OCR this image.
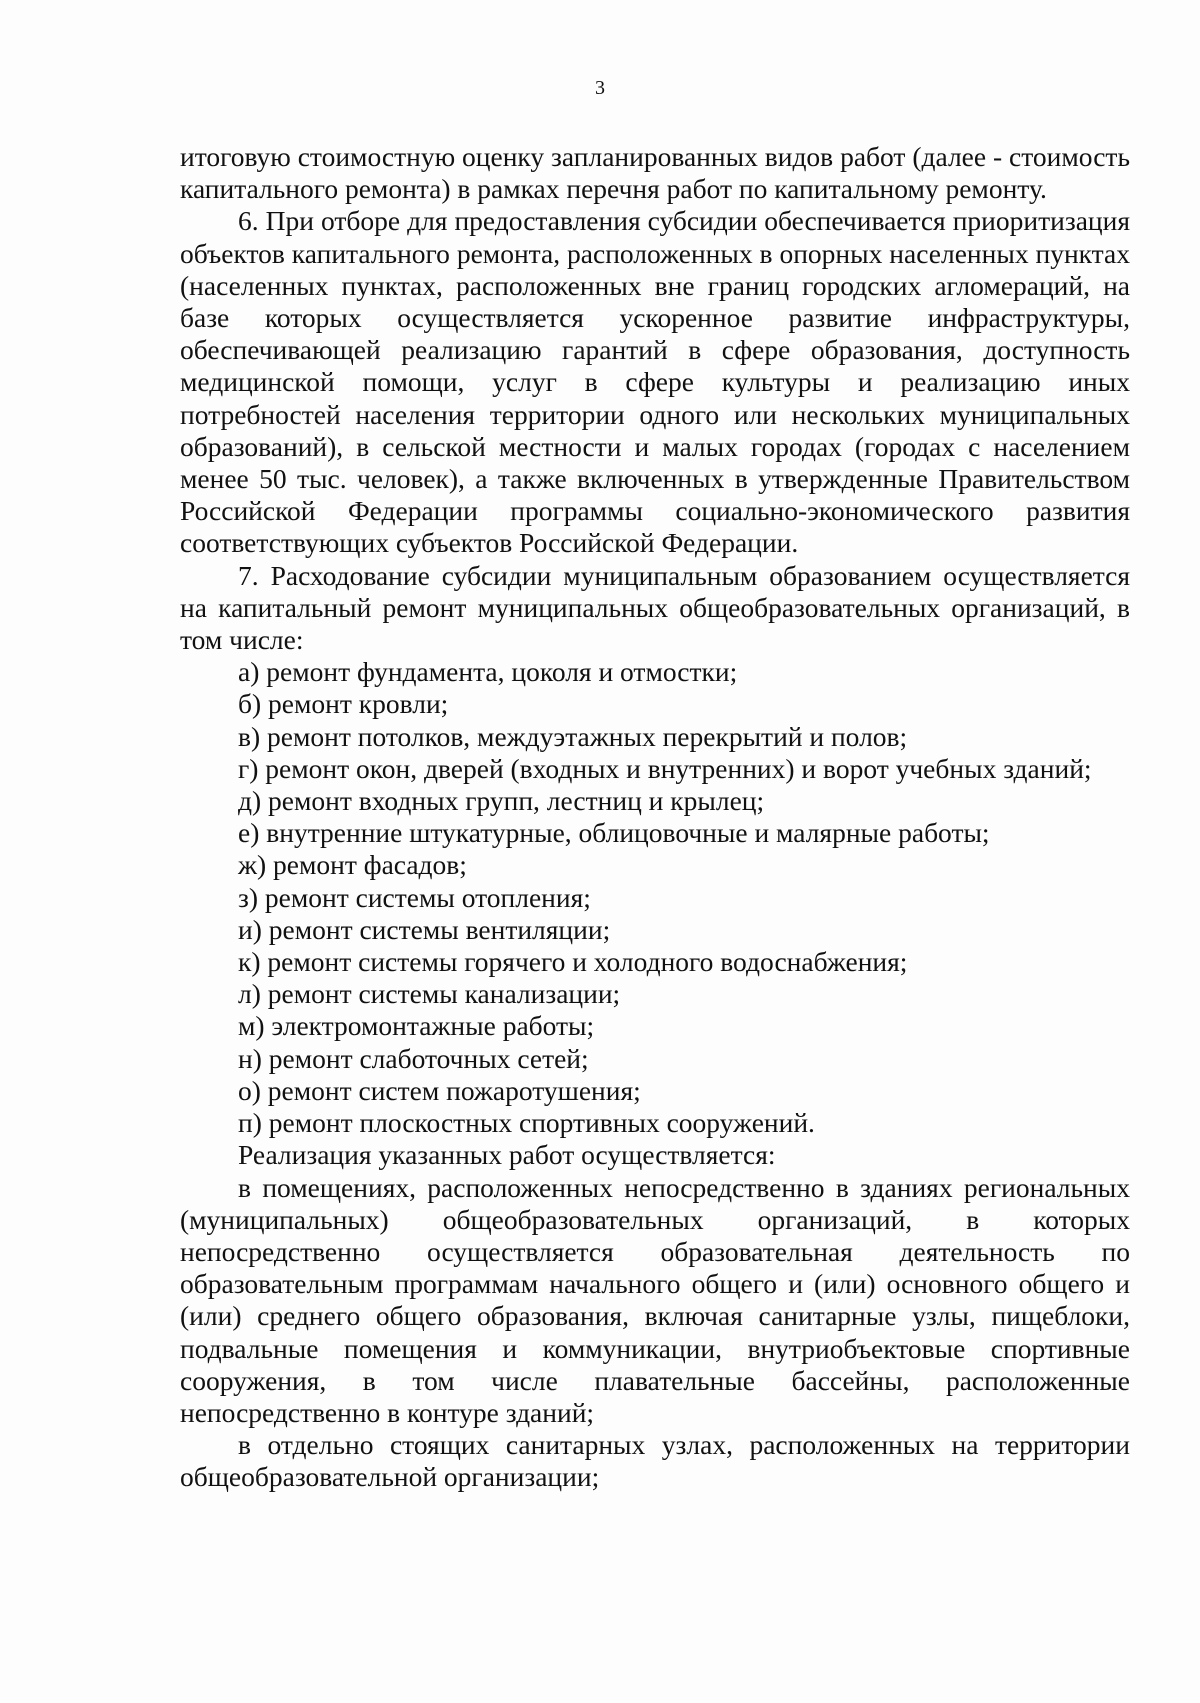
3

итоговую стоимостную оценку запланированных видов работ (далее - стоимость капитального ремонта) в рамках перечня работ по капитальному ремонту.

6. При отборе для предоставления субсидии обеспечивается приоритизация объектов капитального ремонта, расположенных в опорных населенных пунктах (населенных пунктах, расположенных вне границ городских агломераций, на базе которых осуществляется ускоренное развитие инфраструктуры, обеспечивающей реализацию гарантий в сфере образования, доступность медицинской помощи, услуг в сфере культуры и реализацию иных потребностей населения территории одного или нескольких муниципальных образований), в сельской местности и малых городах (городах с населением менее 50 тыс. человек), а также включенных в утвержденные Правительством Российской Федерации программы социально-экономического развития соответствующих субъектов Российской Федерации.

7. Расходование субсидии муниципальным образованием осуществляется на капитальный ремонт муниципальных общеобразовательных организаций, в том числе:

а) ремонт фундамента, цоколя и отмостки;

б) ремонт кровли;

в) ремонт потолков, междуэтажных перекрытий и полов;

г) ремонт окон, дверей (входных и внутренних) и ворот учебных зданий;

д) ремонт входных групп, лестниц и крылец;

е) внутренние штукатурные, облицовочные и малярные работы;

ж) ремонт фасадов;

з) ремонт системы отопления;

и) ремонт системы вентиляции;

к) ремонт системы горячего и холодного водоснабжения;

л) ремонт системы канализации;

м) электромонтажные работы;

н) ремонт слаботочных сетей;

о) ремонт систем пожаротушения;

п) ремонт плоскостных спортивных сооружений.

Реализация указанных работ осуществляется:

в помещениях, расположенных непосредственно в зданиях региональных (муниципальных) общеобразовательных организаций, в которых непосредственно осуществляется образовательная деятельность по образовательным программам начального общего и (или) основного общего и (или) среднего общего образования, включая санитарные узлы, пищеблоки, подвальные помещения и коммуникации, внутриобъектовые спортивные сооружения, в том числе плавательные бассейны, расположенные непосредственно в контуре зданий;

в отдельно стоящих санитарных узлах, расположенных на территории общеобразовательной организации;
